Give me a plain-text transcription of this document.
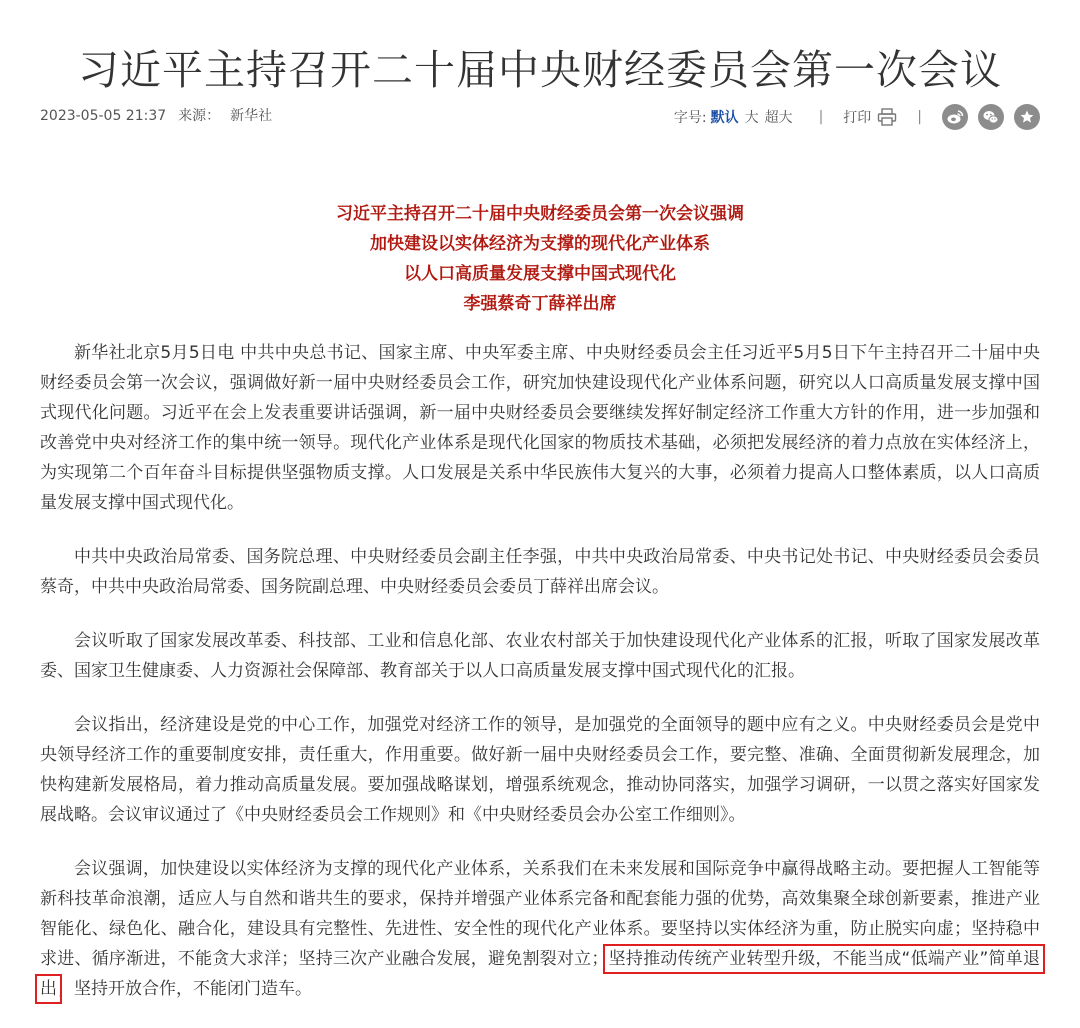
习近平主持召开二十届中央财经委员会第一次会议
2023-05-05 21:37 来源： 新华社	字号: 默认 大 超大 | 打印	|
习近平主持召开二十届中央财经委员会第一次会议强调
加快建设以实体经济为支撑的现代化产业体系
以人口高质量发展支撑中国式现代化
李强蔡奇丁薛祥出席

新华社北京5月5日电 中共中央总书记、国家主席、中央军委主席、中央财经委员会主任习近平5月5日下午主持召开二十届中央财经委员会第一次会议，强调做好新一届中央财经委员会工作，研究加快建设现代化产业体系问题，研究以人口高质量发展支撑中国式现代化问题。习近平在会上发表重要讲话强调，新一届中央财经委员会要继续发挥好制定经济工作重大方针的作用，进一步加强和改善党中央对经济工作的集中统一领导。现代化产业体系是现代化国家的物质技术基础，必须把发展经济的着力点放在实体经济上，为实现第二个百年奋斗目标提供坚强物质支撑。人口发展是关系中华民族伟大复兴的大事，必须着力提高人口整体素质，以人口高质量发展支撑中国式现代化。

中共中央政治局常委、国务院总理、中央财经委员会副主任李强，中共中央政治局常委、中央书记处书记、中央财经委员会委员蔡奇，中共中央政治局常委、国务院副总理、中央财经委员会委员丁薛祥出席会议。

会议听取了国家发展改革委、科技部、工业和信息化部、农业农村部关于加快建设现代化产业体系的汇报，听取了国家发展改革委、国家卫生健康委、人力资源社会保障部、教育部关于以人口高质量发展支撑中国式现代化的汇报。

会议指出，经济建设是党的中心工作，加强党对经济工作的领导，是加强党的全面领导的题中应有之义。中央财经委员会是党中央领导经济工作的重要制度安排，责任重大，作用重要。做好新一届中央财经委员会工作，要完整、准确、全面贯彻新发展理念，加快构建新发展格局，着力推动高质量发展。要加强战略谋划，增强系统观念，推动协同落实，加强学习调研，一以贯之落实好国家发展战略。会议审议通过了《中央财经委员会工作规则》和《中央财经委员会办公室工作细则》。

会议强调，加快建设以实体经济为支撑的现代化产业体系，关系我们在未来发展和国际竞争中赢得战略主动。要把握人工智能等新科技革命浪潮，适应人与自然和谐共生的要求，保持并增强产业体系完备和配套能力强的优势，高效集聚全球创新要素，推进产业智能化、绿色化、融合化，建设具有完整性、先进性、安全性的现代化产业体系。要坚持以实体经济为重，防止脱实向虚；坚持稳中求进、循序渐进，不能贪大求洋；坚持三次产业融合发展，避免割裂对立；坚持推动传统产业转型升级，不能当成“低端产业”简单退出；坚持开放合作，不能闭门造车。
